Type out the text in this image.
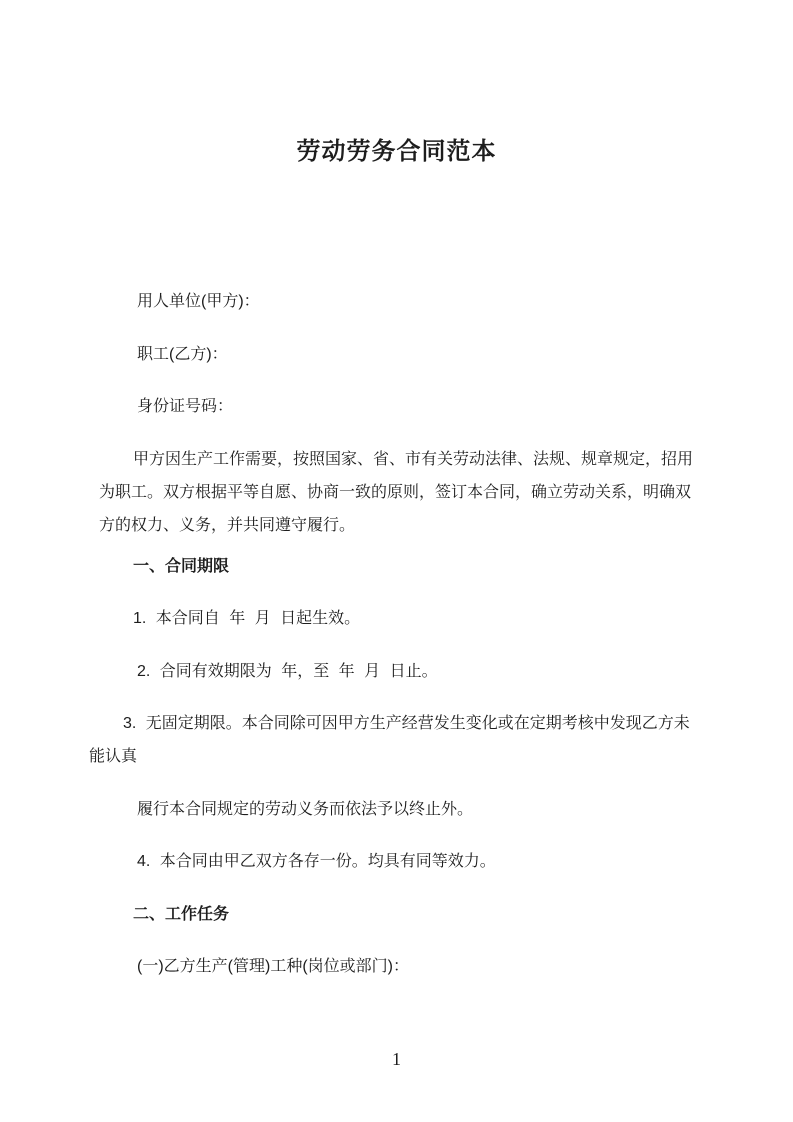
劳动劳务合同范本

用人单位(甲方)：

职工(乙方)：

身份证号码：

甲方因生产工作需要，按照国家、省、市有关劳动法律、法规、规章规定，招用
为职工。双方根据平等自愿、协商一致的原则，签订本合同，确立劳动关系，明确双
方的权力、义务，并共同遵守履行。

一、合同期限

1. 本合同自 年 月 日起生效。

2. 合同有效期限为 年，至 年 月 日止。

3. 无固定期限。本合同除可因甲方生产经营发生变化或在定期考核中发现乙方未
能认真

履行本合同规定的劳动义务而依法予以终止外。

4. 本合同由甲乙双方各存一份。均具有同等效力。

二、工作任务

(一)乙方生产(管理)工种(岗位或部门)：

1
